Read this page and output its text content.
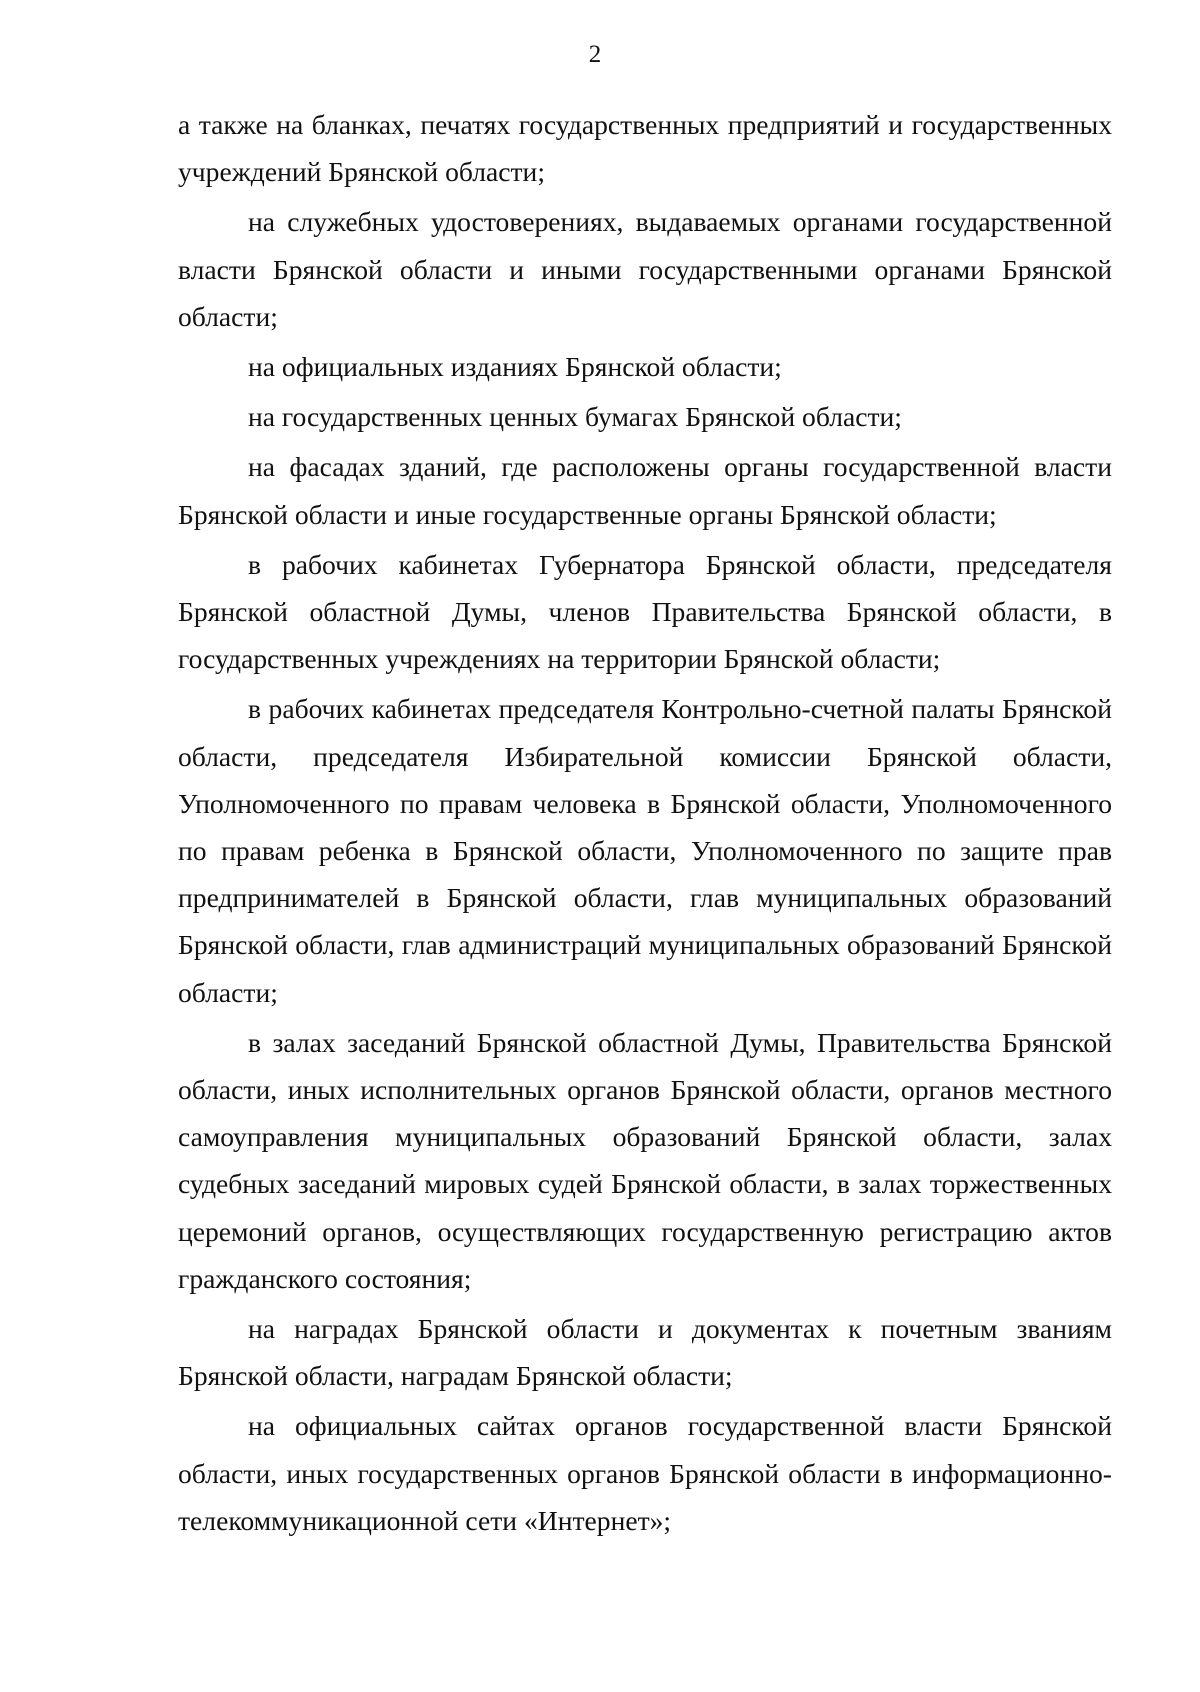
2

а также на бланках, печатях государственных предприятий и государственных учреждений Брянской области;

на служебных удостоверениях, выдаваемых органами государственной власти Брянской области и иными государственными органами Брянской области;

на официальных изданиях Брянской области;

на государственных ценных бумагах Брянской области;

на фасадах зданий, где расположены органы государственной власти Брянской области и иные государственные органы Брянской области;

в рабочих кабинетах Губернатора Брянской области, председателя Брянской областной Думы, членов Правительства Брянской области, в государственных учреждениях на территории Брянской области;

в рабочих кабинетах председателя Контрольно-счетной палаты Брянской области, председателя Избирательной комиссии Брянской области, Уполномоченного по правам человека в Брянской области, Уполномоченного по правам ребенка в Брянской области, Уполномоченного по защите прав предпринимателей в Брянской области, глав муниципальных образований Брянской области, глав администраций муниципальных образований Брянской области;

в залах заседаний Брянской областной Думы, Правительства Брянской области, иных исполнительных органов Брянской области, органов местного самоуправления муниципальных образований Брянской области, залах судебных заседаний мировых судей Брянской области, в залах торжественных церемоний органов, осуществляющих государственную регистрацию актов гражданского состояния;

на наградах Брянской области и документах к почетным званиям Брянской области, наградам Брянской области;

на официальных сайтах органов государственной власти Брянской области, иных государственных органов Брянской области в информационно-телекоммуникационной сети «Интернет»;
